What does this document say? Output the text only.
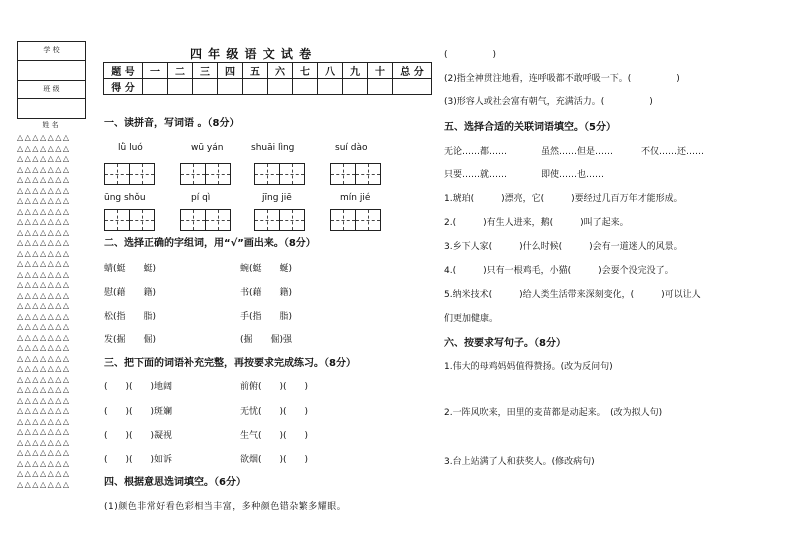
学 校
班 级
姓 名
△△△△△△△
△△△△△△△
△△△△△△△
△△△△△△△
△△△△△△△
△△△△△△△
△△△△△△△
△△△△△△△
△△△△△△△
△△△△△△△
△△△△△△△
△△△△△△△
△△△△△△△
△△△△△△△
△△△△△△△
△△△△△△△
△△△△△△△
△△△△△△△
△△△△△△△
△△△△△△△
△△△△△△△
△△△△△△△
△△△△△△△
△△△△△△△
△△△△△△△
△△△△△△△
△△△△△△△
△△△△△△△
△△△△△△△
△△△△△△△
△△△△△△△
△△△△△△△
△△△△△△△
△△△△△△△
四 年 级 语 文 试 卷
题 号	一	二	三	四	五	六	七	八	九	十	总 分
得 分											
一、读拼音，写词语 。（8分）
lǜ luó	wū yán	shuāi lìng	suí dào
ūng shǒu	pí qì	jīng jiē	mín jié
二、选择正确的字组词，用“√”画出来。（8分）
蜻(蜓　　蜓)	蜿(蜓　　蜒)
慰(藉　　籍)	书(藉　　籍)
松(指　　脂)	手(指　　脂)
发(掘　　倔)	(掘　　倔)强
三、把下面的词语补充完整，再按要求完成练习。（8分）
(　　)(　　)地阔	前俯(　　)(　　)
(　　)(　　)斑斓	无忧(　　)(　　)
(　　)(　　)凝视	生气(　　)(　　)
(　　)(　　)如诉	欲烟(　　)(　　)
四、根据意思选词填空。（6分）
(1)颜色非常好看色彩相当丰富，多种颜色错杂繁多耀眼。
(　　　　　)
(2)指全神贯注地看，连呼吸都不敢呼吸一下。(　　　　　)
(3)形容人或社会富有朝气，充满活力。(　　　　　)
五、选择合适的关联词语填空。（5分）
无论……都……	虽然……但是……	不仅……还……
只要……就……	即使……也……
1.琥珀(　　　)漂亮，它(　　　)要经过几百万年才能形成。
2.(　　　)有生人进来，鹅(　　　)叫了起来。
3.乡下人家(　　　)什么时候(　　　)会有一道迷人的风景。
4.(　　　)只有一根鸡毛，小猫(　　　)会耍个没完没了。
5.纳米技术(　　　)给人类生活带来深刻变化，(　　　)可以让人
们更加健康。
六、按要求写句子。（8分）
1.伟大的母鸡妈妈值得赞扬。(改为反问句)
2.一阵风吹来，田里的麦苗都是动起来。　(改为拟人句)
3.台上站满了人和获奖人。(修改病句)
